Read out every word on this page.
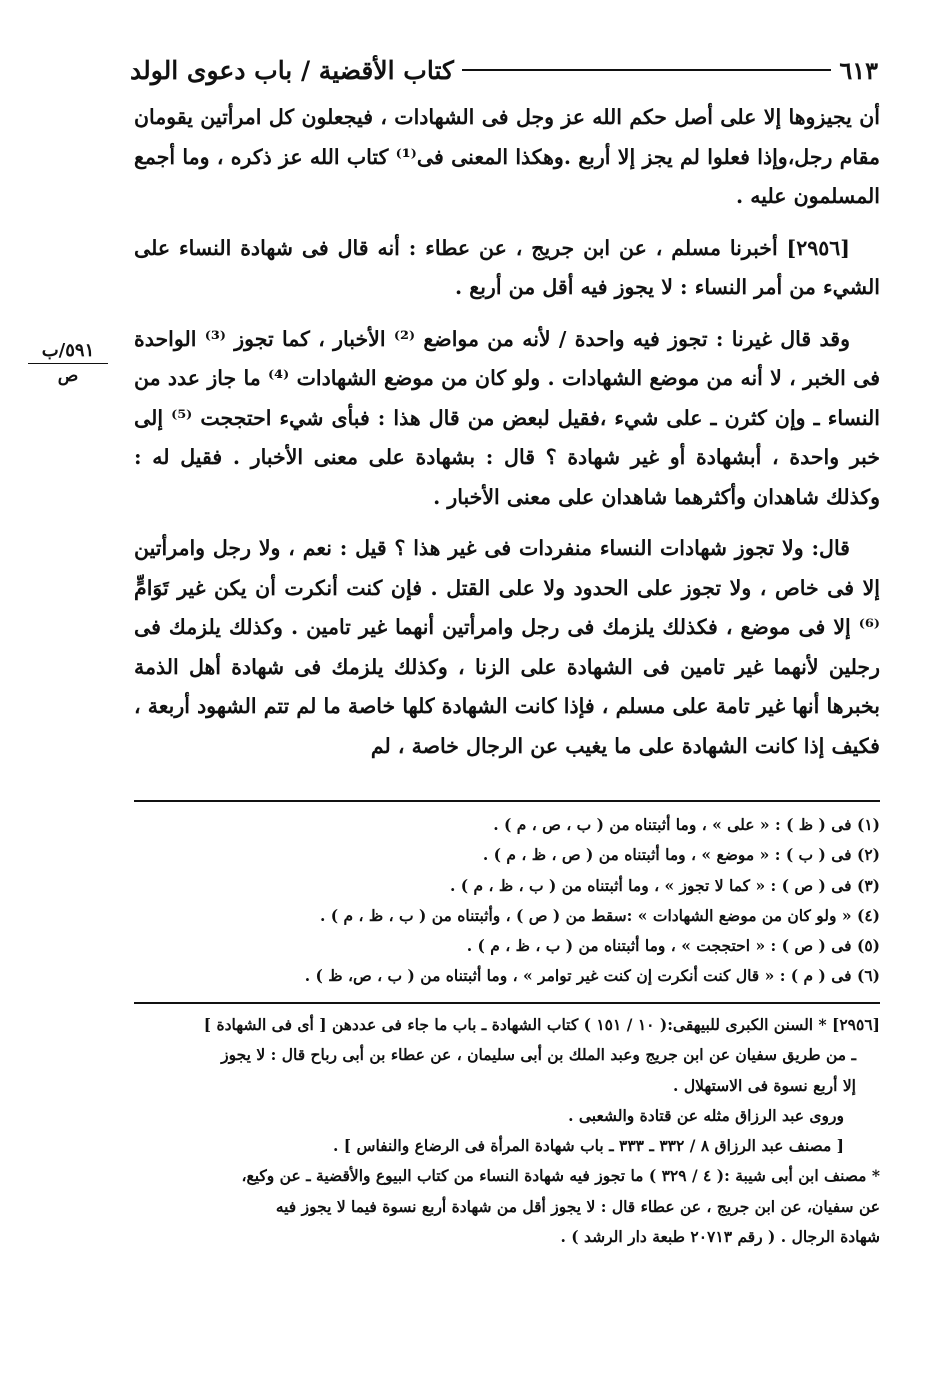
كتاب الأقضية / باب دعوى الولد	٦١٣
٥٩١/ب
ص

أن يجيزوها إلا على أصل حكم الله عز وجل فى الشهادات ، فيجعلون كل امرأتين يقومان مقام رجل،وإذا فعلوا لم يجز إلا أربع .وهكذا المعنى فى⁽¹⁾ كتاب الله عز ذكره ، وما أجمع المسلمون عليه .

[٢٩٥٦] أخبرنا مسلم ، عن ابن جريج ، عن عطاء : أنه قال فى شهادة النساء على الشيء من أمر النساء : لا يجوز فيه أقل من أربع .

وقد قال غيرنا : تجوز فيه واحدة / لأنه من مواضع ⁽²⁾ الأخبار ، كما تجوز ⁽³⁾ الواحدة فى الخبر ، لا أنه من موضع الشهادات . ولو كان من موضع الشهادات ⁽⁴⁾ ما جاز عدد من النساء ـ وإن كثرن ـ على شيء ،فقيل لبعض من قال هذا : فبأى شيء احتججت ⁽⁵⁾ إلى خبر واحدة ، أبشهادة أو غير شهادة ؟ قال : بشهادة على معنى الأخبار . فقيل له : وكذلك شاهدان وأكثرهما شاهدان على معنى الأخبار .

قال: ولا تجوز شهادات النساء منفردات فى غير هذا ؟ قيل : نعم ، ولا رجل وامرأتين إلا فى خاص ، ولا تجوز على الحدود ولا على القتل . فإن كنت أنكرت أن يكن غير تَوَامٍّ ⁽⁶⁾ إلا فى موضع ، فكذلك يلزمك فى رجل وامرأتين أنهما غير تامين . وكذلك يلزمك فى رجلين لأنهما غير تامين فى الشهادة على الزنا ، وكذلك يلزمك فى شهادة أهل الذمة بخبرها أنها غير تامة على مسلم ، فإذا كانت الشهادة كلها خاصة ما لم تتم الشهود أربعة ، فكيف إذا كانت الشهادة على ما يغيب عن الرجال خاصة ، لم

(١) فى ( ظ ) : « على » ، وما أثبتناه من ( ب ، ص ، م ) .
(٢) فى ( ب ) : « موضع » ، وما أثبتناه من ( ص ، ظ ، م ) .
(٣) فى ( ص ) : « كما لا تجوز » ، وما أثبتناه من ( ب ، ظ ، م ) .
(٤) « ولو كان من موضع الشهادات » :سقط من ( ص ) ، وأثبتناه من ( ب ، ظ ، م ) .
(٥) فى ( ص ) : « احتججت » ، وما أثبتناه من ( ب ، ظ ، م ) .
(٦) فى ( م ) : « قال كنت أنكرت إن كنت غير توامر » ، وما أثبتناه من ( ب ، ص، ظ ) .
[٢٩٥٦] * السنن الكبرى للبيهقى:( ١٠ / ١٥١ ) كتاب الشهادة ـ باب ما جاء فى عددهن [ أى فى الشهادة ]
ـ من طريق سفيان عن ابن جريج وعبد الملك بن أبى سليمان ، عن عطاء بن أبى رباح قال : لا يجوز
إلا أربع نسوة فى الاستهلال .
وروى عبد الرزاق مثله عن قتادة والشعبى .
[ مصنف عبد الرزاق ٨ / ٣٣٢ ـ ٣٣٣ ـ باب شهادة المرأة فى الرضاع والنفاس ] .
* مصنف ابن أبى شيبة :( ٤ / ٣٢٩ ) ما تجوز فيه شهادة النساء من كتاب البيوع والأقضية ـ عن وكيع،
عن سفيان، عن ابن جريج ، عن عطاء قال : لا يجوز أقل من شهادة أربع نسوة فيما لا يجوز فيه
شهادة الرجال . ( رقم ٢٠٧١٣ طبعة دار الرشد ) .
